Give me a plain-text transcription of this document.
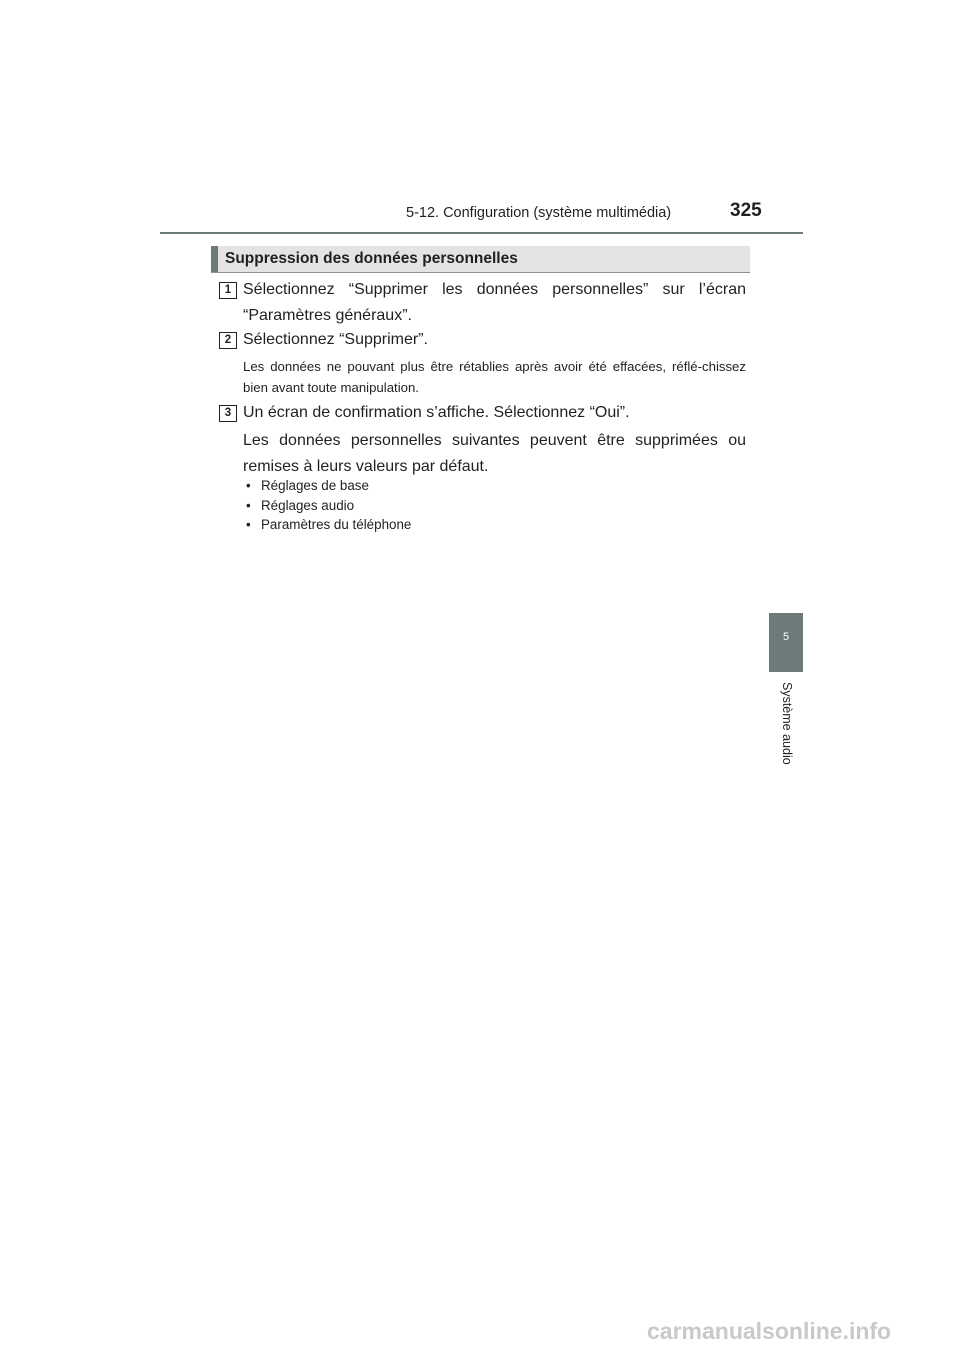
5-12. Configuration (système multimédia)	325
5
Système audio
Suppression des données personnelles
1 Sélectionnez “Supprimer les données personnelles” sur l’écran “Paramètres généraux”.
2 Sélectionnez “Supprimer”.
Les données ne pouvant plus être rétablies après avoir été effacées, réflé-chissez bien avant toute manipulation.
3 Un écran de confirmation s’affiche. Sélectionnez “Oui”.
Les données personnelles suivantes peuvent être supprimées ou remises à leurs valeurs par défaut.
• Réglages de base
• Réglages audio
• Paramètres du téléphone
carmanualsonline.info
